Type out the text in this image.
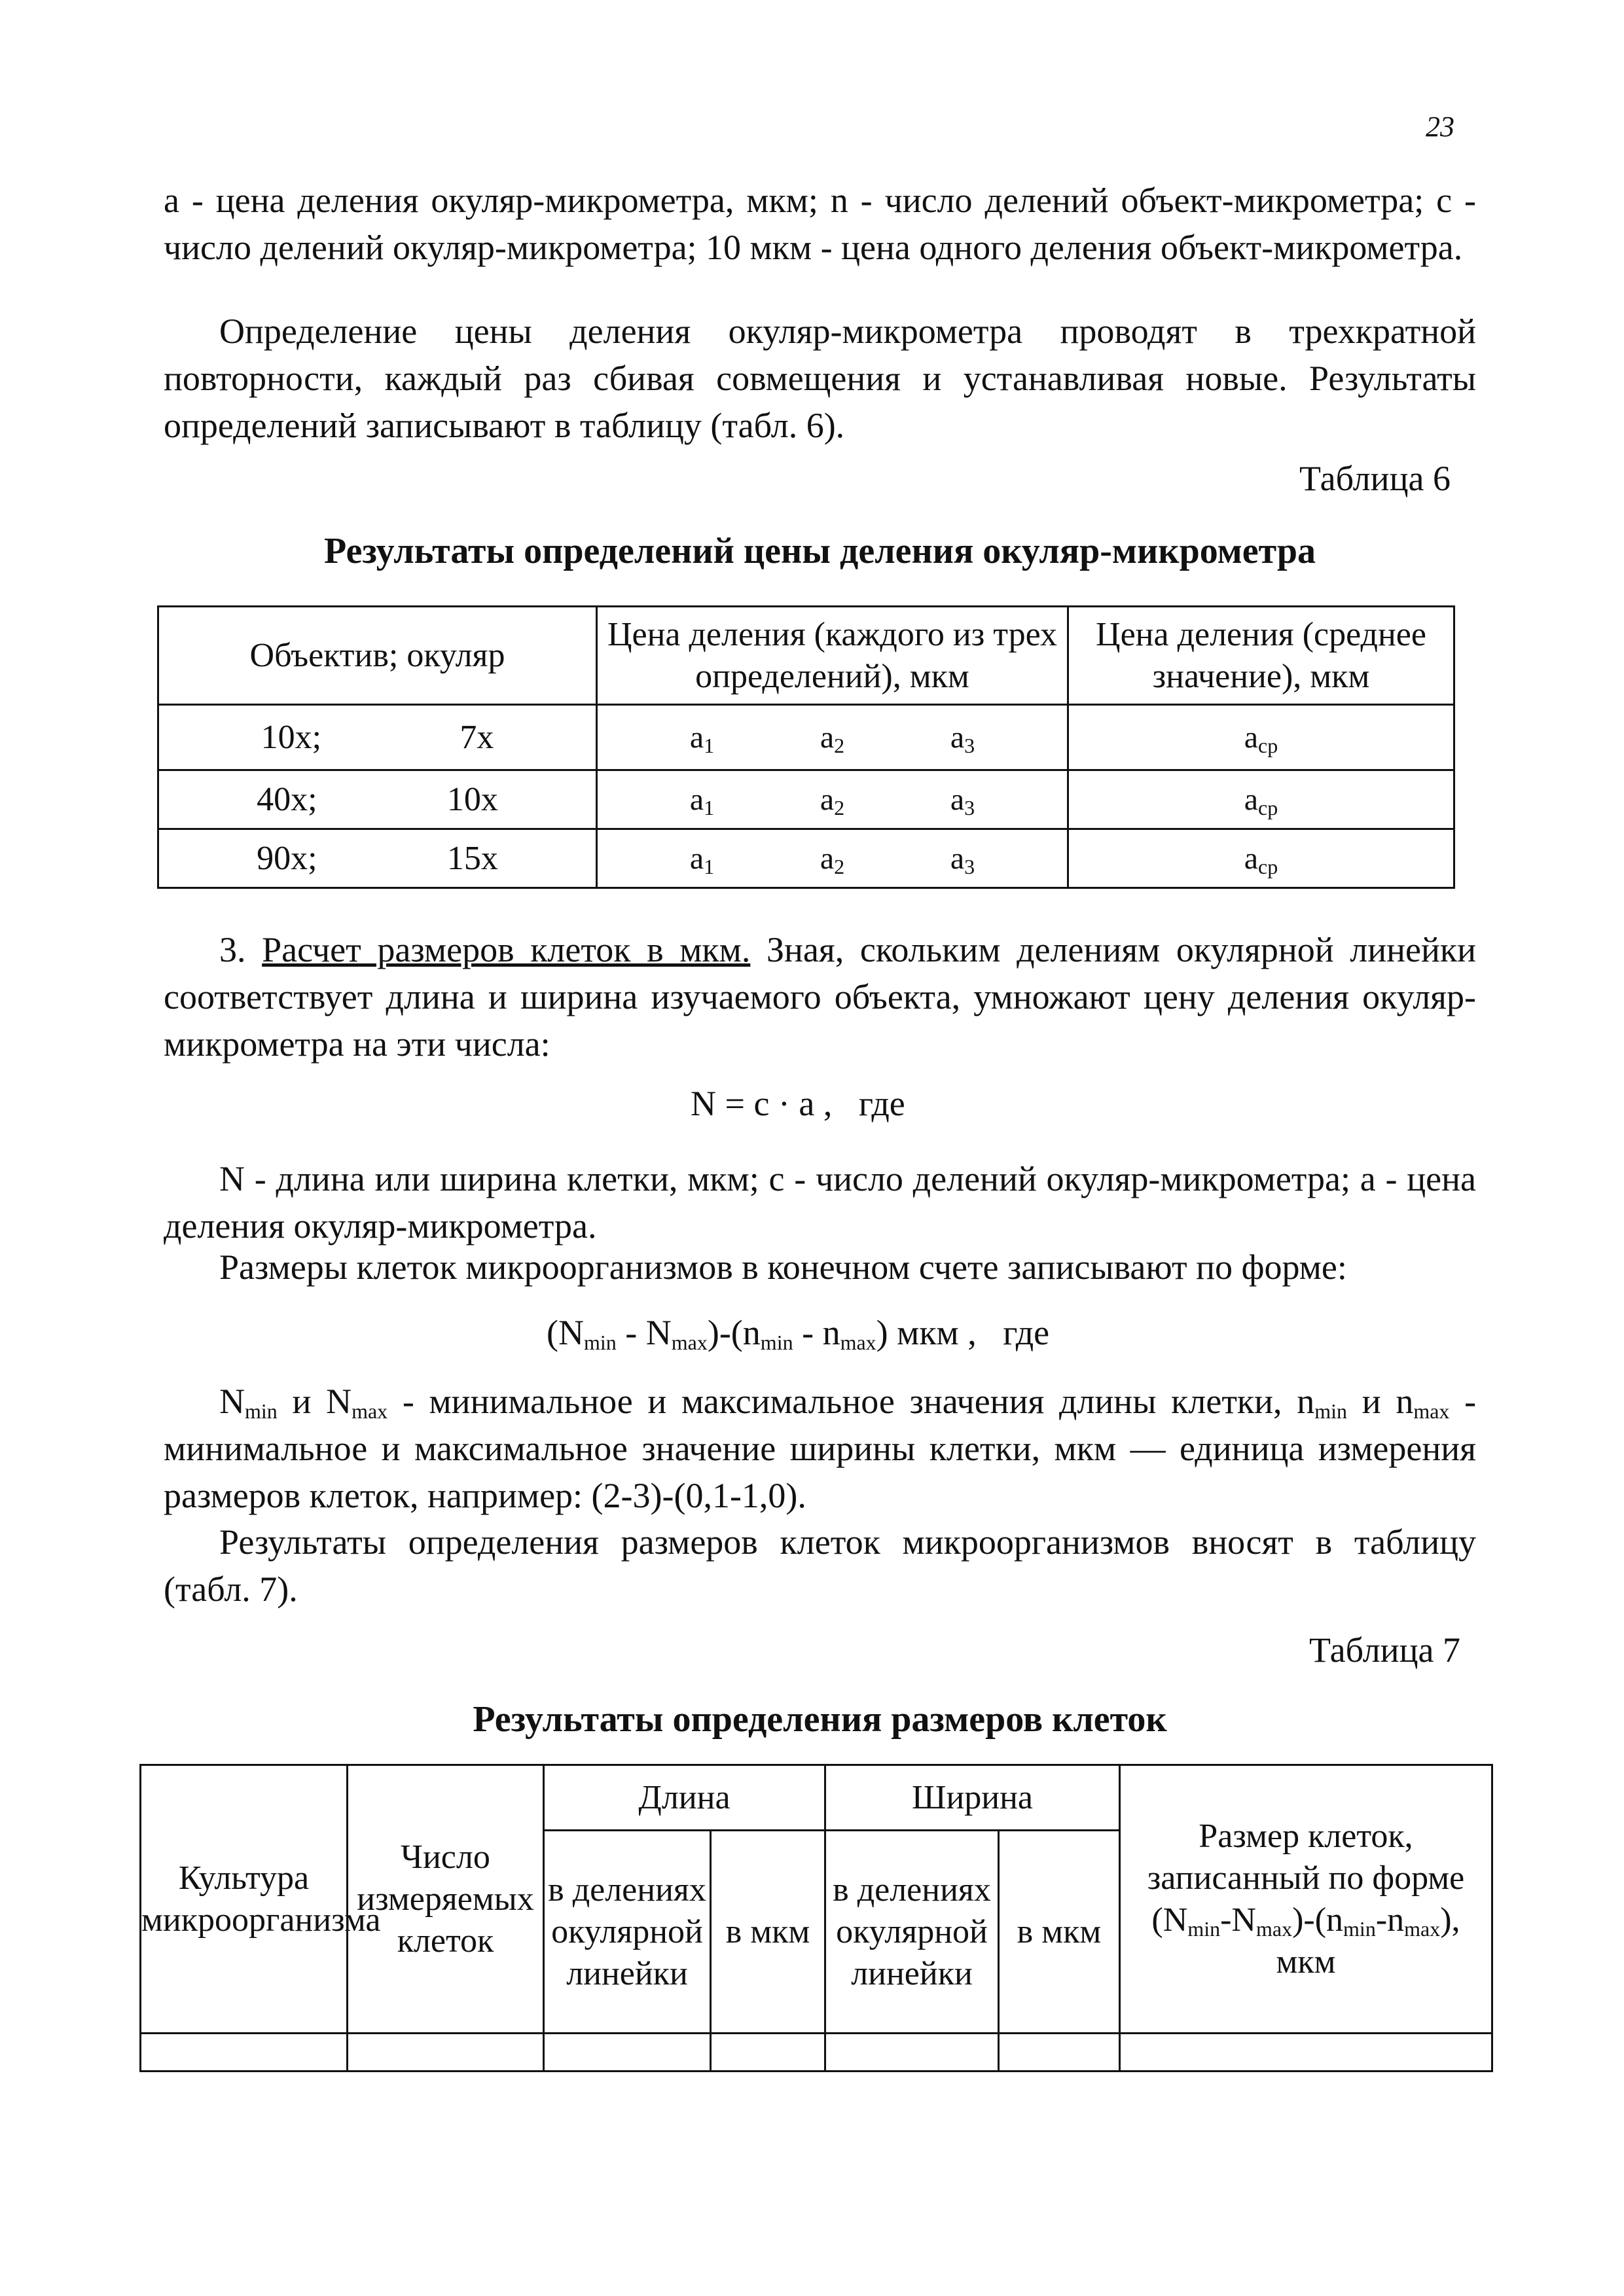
23

a - цена деления окуляр-микрометра, мкм; n - число делений объект-микрометра; с - число делений окуляр-микрометра; 10 мкм - цена одного деления объект-микрометра.

Определение цены деления окуляр-микрометра проводят в трехкратной повторности, каждый раз сбивая совмещения и устанавливая новые. Результаты определений записывают в таблицу (табл. 6).

Таблица 6
Результаты определений цены деления окуляр-микрометра
Объектив; окуляр	Цена деления (каждого из трех определений), мкм	Цена деления (среднее значение), мкм

10х; 7х	$a_1$ $a_2$ $a_3$	$a_{ср}$

40х; 10х	$a_1$ $a_2$ $a_3$	$a_{ср}$

90х; 15х	$a_1$ $a_2$ $a_3$	$a_{ср}$

3. Расчет размеров клеток в мкм. Зная, скольким делениям окулярной линейки соответствует длина и ширина изучаемого объекта, умножают цену деления окуляр-микрометра на эти числа:

N = c · a , где

N - длина или ширина клетки, мкм; с - число делений окуляр-микрометра; а - цена деления окуляр-микрометра.

Размеры клеток микроорганизмов в конечном счете записывают по форме:

$(N_{min} - N_{max})-(n_{min} - n_{max})$ мкм , где

$N_{min}$ и $N_{max}$ - минимальное и максимальное значения длины клетки, $n_{min}$ и $n_{max}$ - минимальное и максимальное значение ширины клетки, мкм — единица измерения размеров клеток, например: (2-3)-(0,1-1,0).

Результаты определения размеров клеток микроорганизмов вносят в таблицу (табл. 7).

Таблица 7
Результаты определения размеров клеток
Культура микроорганизма	Число измеряемых клеток	Длина		Ширина		Размер клеток, записанный по форме
$(N_{min}-N_{max})-(n_{min}-n_{max})$,
мкм

		в делениях окулярной линейки	в мкм	в делениях окулярной линейки	в мкм	
